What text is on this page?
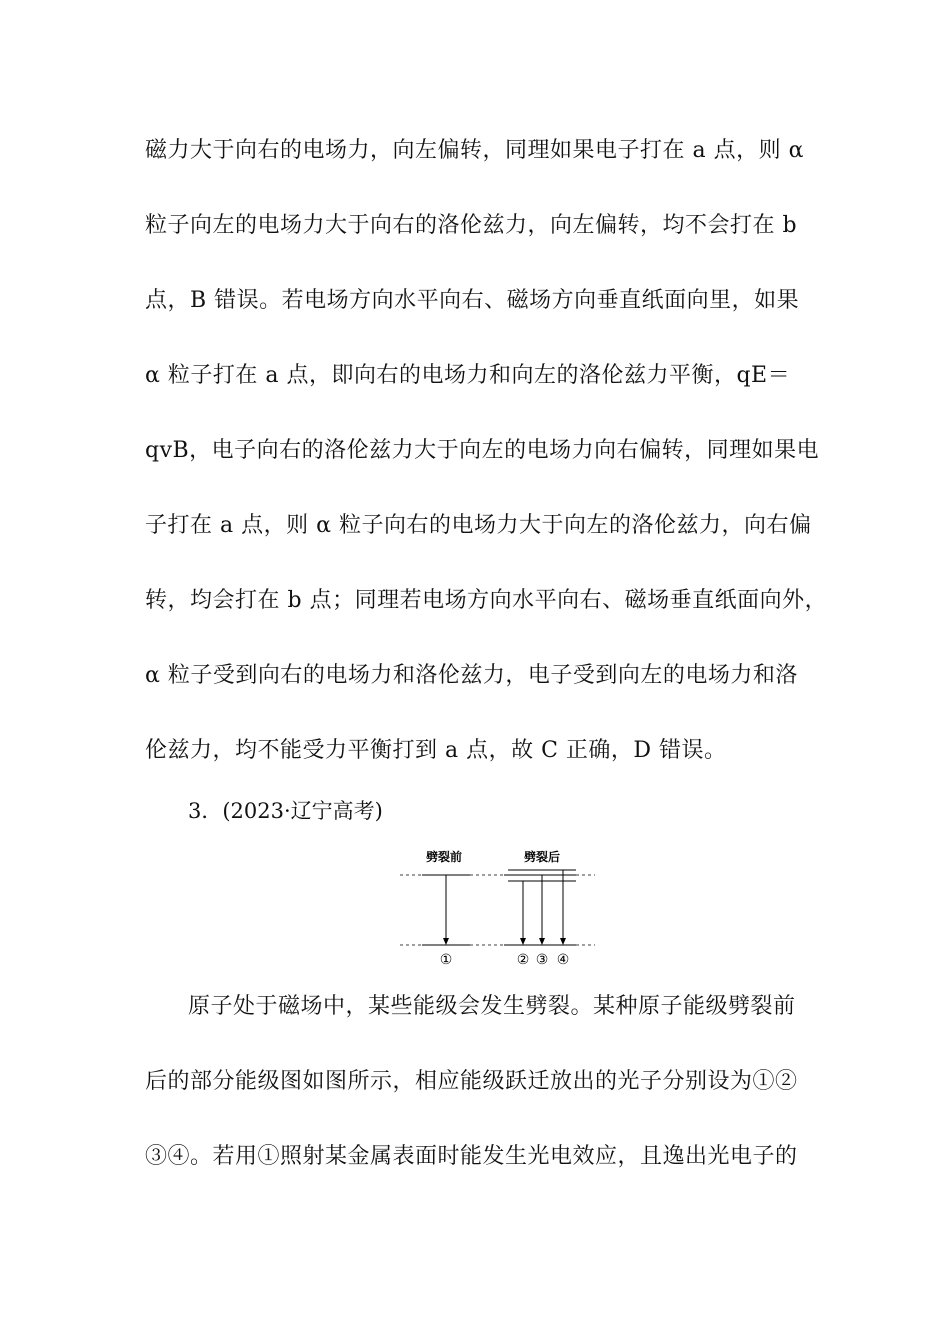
磁力大于向右的电场力，向左偏转，同理如果电子打在 a 点，则 α
粒子向左的电场力大于向右的洛伦兹力，向左偏转，均不会打在 b
点，B 错误。若电场方向水平向右、磁场方向垂直纸面向里，如果
α 粒子打在 a 点，即向右的电场力和向左的洛伦兹力平衡，qE＝
qvB，电子向右的洛伦兹力大于向左的电场力向右偏转，同理如果电
子打在 a 点，则 α 粒子向右的电场力大于向左的洛伦兹力，向右偏
转，均会打在 b 点；同理若电场方向水平向右、磁场垂直纸面向外，
α 粒子受到向右的电场力和洛伦兹力，电子受到向左的电场力和洛
伦兹力，均不能受力平衡打到 a 点，故 C 正确，D 错误。
3．(2023·辽宁高考)
劈裂前	劈裂后
①	② ③ ④
原子处于磁场中，某些能级会发生劈裂。某种原子能级劈裂前
后的部分能级图如图所示，相应能级跃迁放出的光子分别设为①②
③④。若用①照射某金属表面时能发生光电效应，且逸出光电子的
